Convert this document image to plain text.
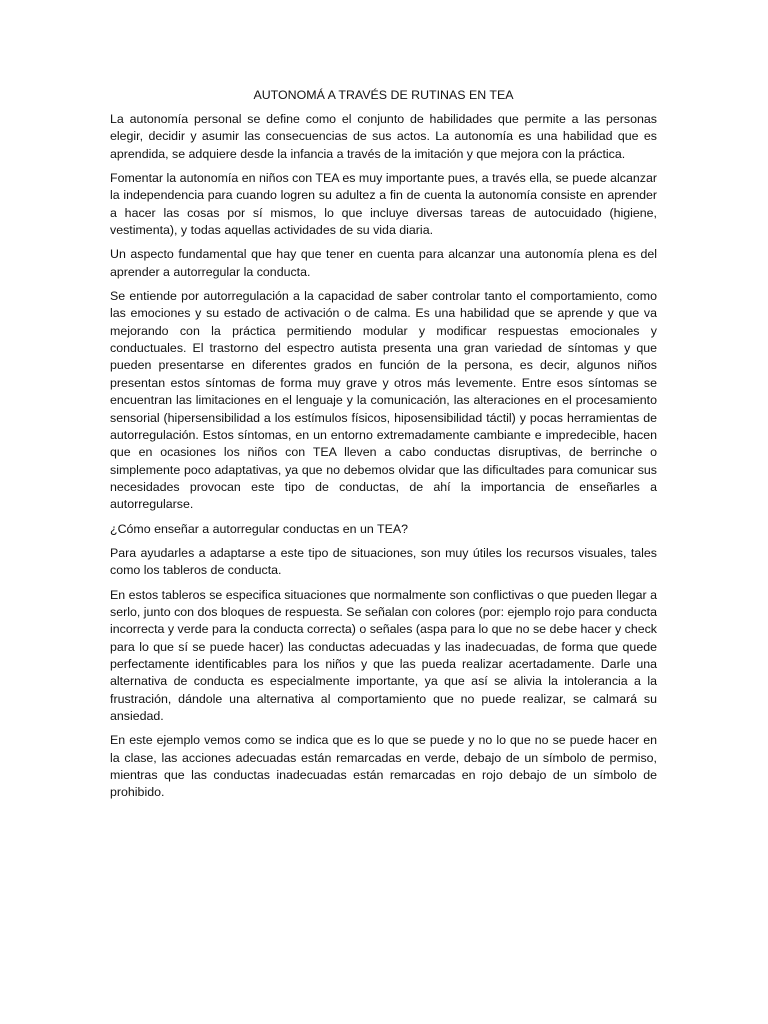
AUTONOMÁ A TRAVÉS DE RUTINAS EN TEA

La autonomía personal se define como el conjunto de habilidades que permite a las personas elegir, decidir y asumir las consecuencias de sus actos. La autonomía es una habilidad que es aprendida, se adquiere desde la infancia a través de la imitación y que mejora con la práctica.

Fomentar la autonomía en niños con TEA es muy importante pues, a través ella, se puede alcanzar la independencia para cuando logren su adultez a fin de cuenta la autonomía consiste en aprender a hacer las cosas por sí mismos, lo que incluye diversas tareas de autocuidado (higiene, vestimenta), y todas aquellas actividades de su vida diaria.

Un aspecto fundamental que hay que tener en cuenta para alcanzar una autonomía plena es del aprender a autorregular la conducta.

Se entiende por autorregulación a la capacidad de saber controlar tanto el comportamiento, como las emociones y su estado de activación o de calma. Es una habilidad que se aprende y que va mejorando con la práctica permitiendo modular y modificar respuestas emocionales y conductuales. El trastorno del espectro autista presenta una gran variedad de síntomas y que pueden presentarse en diferentes grados en función de la persona, es decir, algunos niños presentan estos síntomas de forma muy grave y otros más levemente. Entre esos síntomas se encuentran las limitaciones en el lenguaje y la comunicación, las alteraciones en el procesamiento sensorial (hipersensibilidad a los estímulos físicos, hiposensibilidad táctil) y pocas herramientas de autorregulación. Estos síntomas, en un entorno extremadamente cambiante e impredecible, hacen que en ocasiones los niños con TEA lleven a cabo conductas disruptivas, de berrinche o simplemente poco adaptativas, ya que no debemos olvidar que las dificultades para comunicar sus necesidades provocan este tipo de conductas, de ahí la importancia de enseñarles a autorregularse.

¿Cómo enseñar a autorregular conductas en un TEA?

Para ayudarles a adaptarse a este tipo de situaciones, son muy útiles los recursos visuales, tales como los tableros de conducta.

En estos tableros se especifica situaciones que normalmente son conflictivas o que pueden llegar a serlo, junto con dos bloques de respuesta. Se señalan con colores (por: ejemplo rojo para conducta incorrecta y verde para la conducta correcta) o señales (aspa para lo que no se debe hacer y check para lo que sí se puede hacer) las conductas adecuadas y las inadecuadas, de forma que quede perfectamente identificables para los niños y que las pueda realizar acertadamente. Darle una alternativa de conducta es especialmente importante, ya que así se alivia la intolerancia a la frustración, dándole una alternativa al comportamiento que no puede realizar, se calmará su ansiedad.

En este ejemplo vemos como se indica que es lo que se puede y no lo que no se puede hacer en la clase, las acciones adecuadas están remarcadas en verde, debajo de un símbolo de permiso, mientras que las conductas inadecuadas están remarcadas en rojo debajo de un símbolo de prohibido.
